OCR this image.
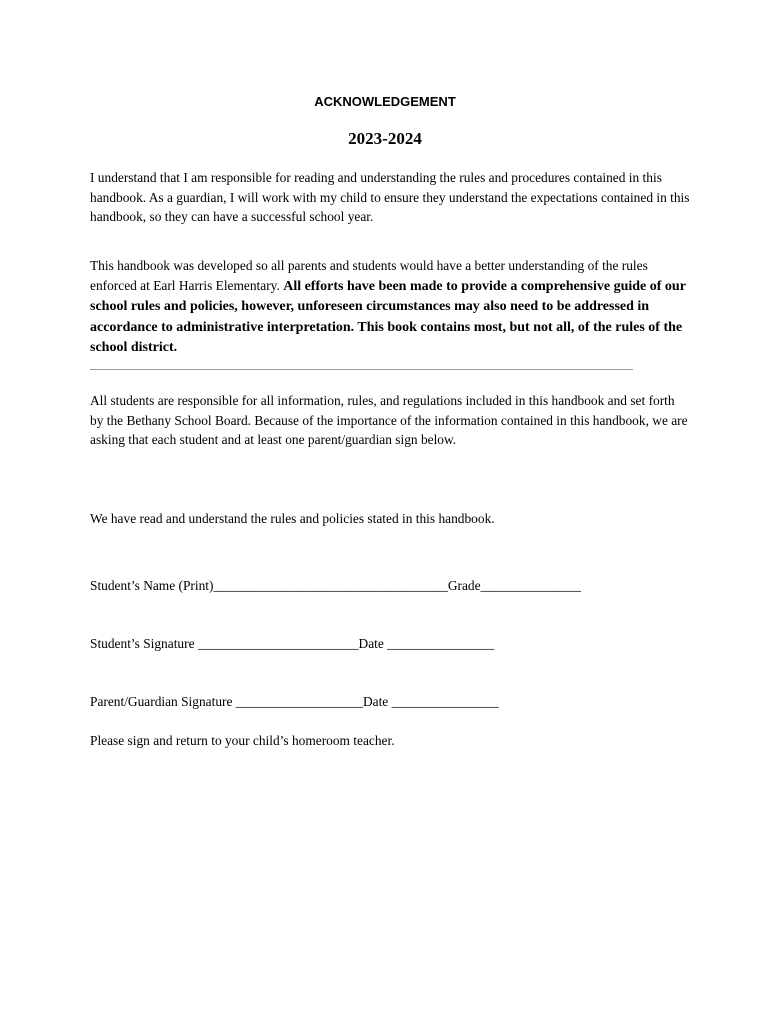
ACKNOWLEDGEMENT
2023-2024

I understand that I am responsible for reading and understanding the rules and procedures contained in this handbook. As a guardian, I will work with my child to ensure they understand the expectations contained in this handbook, so they can have a successful school year.

This handbook was developed so all parents and students would have a better understanding of the rules enforced at Earl Harris Elementary. All efforts have been made to provide a comprehensive guide of our school rules and policies, however, unforeseen circumstances may also need to be addressed in accordance to administrative interpretation. This book contains most, but not all, of the rules of the school district.

All students are responsible for all information, rules, and regulations included in this handbook and set forth by the Bethany School Board. Because of the importance of the information contained in this handbook, we are asking that each student and at least one parent/guardian sign below.

We have read and understand the rules and policies stated in this handbook.
Student’s Name (Print)___________________________________Grade_______________
Student’s Signature ________________________Date ________________
Parent/Guardian Signature ___________________Date ________________
Please sign and return to your child’s homeroom teacher.
